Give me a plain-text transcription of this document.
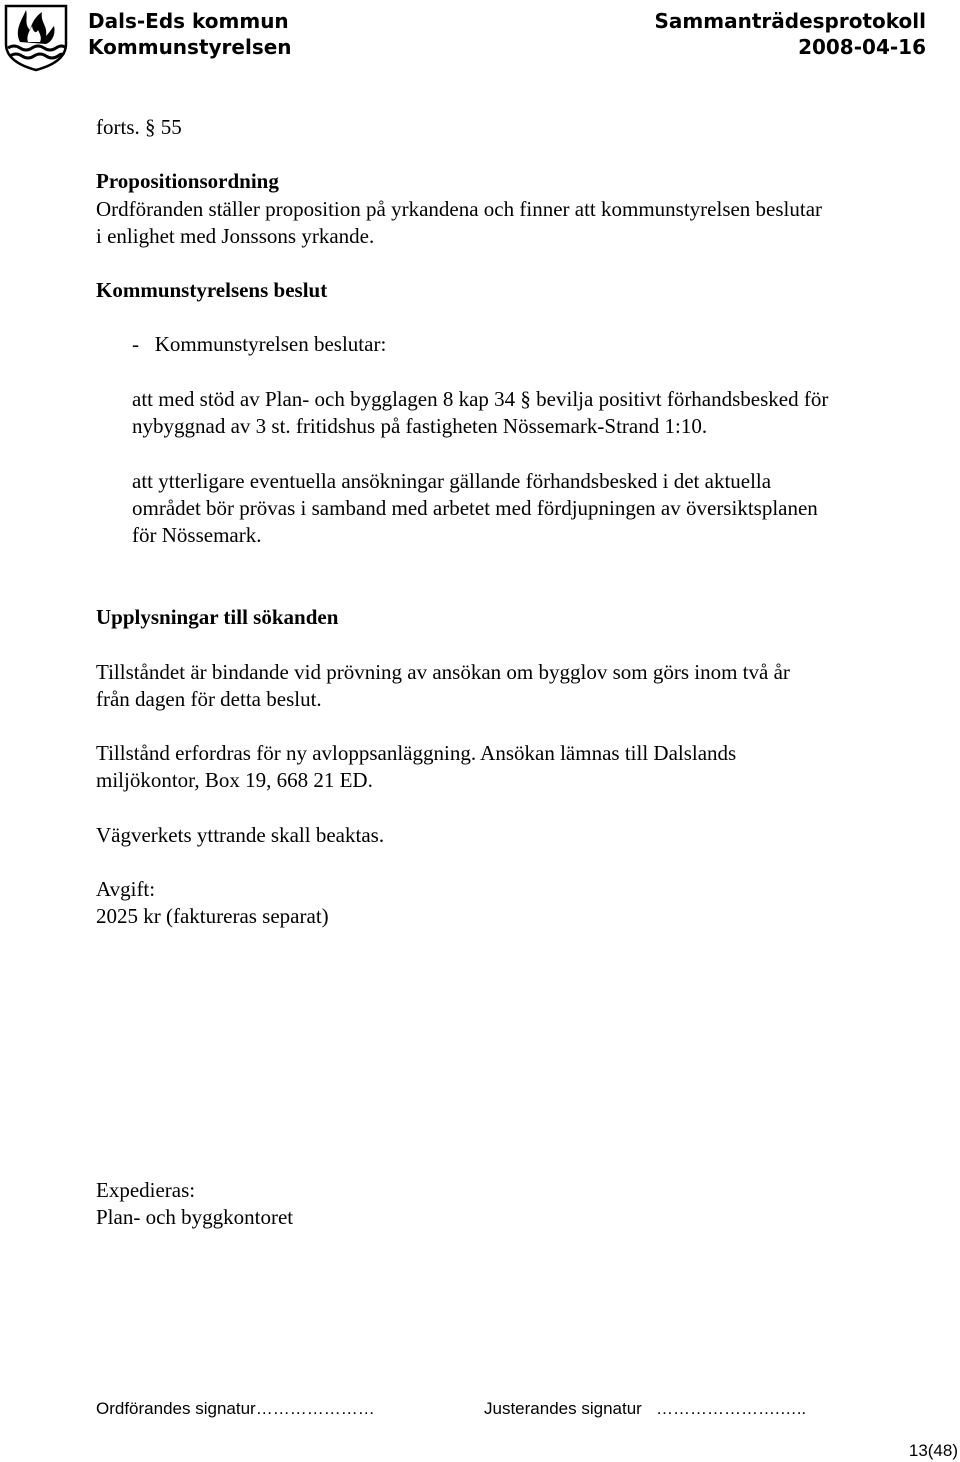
Dals-Eds kommun
Kommunstyrelsen
Sammanträdesprotokoll
2008-04-16
forts. § 55
Propositionsordning
Ordföranden ställer proposition på yrkandena och finner att kommunstyrelsen beslutar
i enlighet med Jonssons yrkande.
Kommunstyrelsens beslut
-   Kommunstyrelsen beslutar:
att med stöd av Plan- och bygglagen 8 kap 34 § bevilja positivt förhandsbesked för
nybyggnad av 3 st. fritidshus på fastigheten Nössemark-Strand 1:10.
att ytterligare eventuella ansökningar gällande förhandsbesked i det aktuella
området bör prövas i samband med arbetet med fördjupningen av översiktsplanen
för Nössemark.
Upplysningar till sökanden
Tillståndet är bindande vid prövning av ansökan om bygglov som görs inom två år
från dagen för detta beslut.
Tillstånd erfordras för ny avloppsanläggning. Ansökan lämnas till Dalslands
miljökontor, Box 19, 668 21 ED.
Vägverkets yttrande skall beaktas.
Avgift:
2025 kr (faktureras separat)
Expedieras:
Plan- och byggkontoret
Ordförandes signatur…………………	Justerandes signatur   ………………….…..
13(48)
